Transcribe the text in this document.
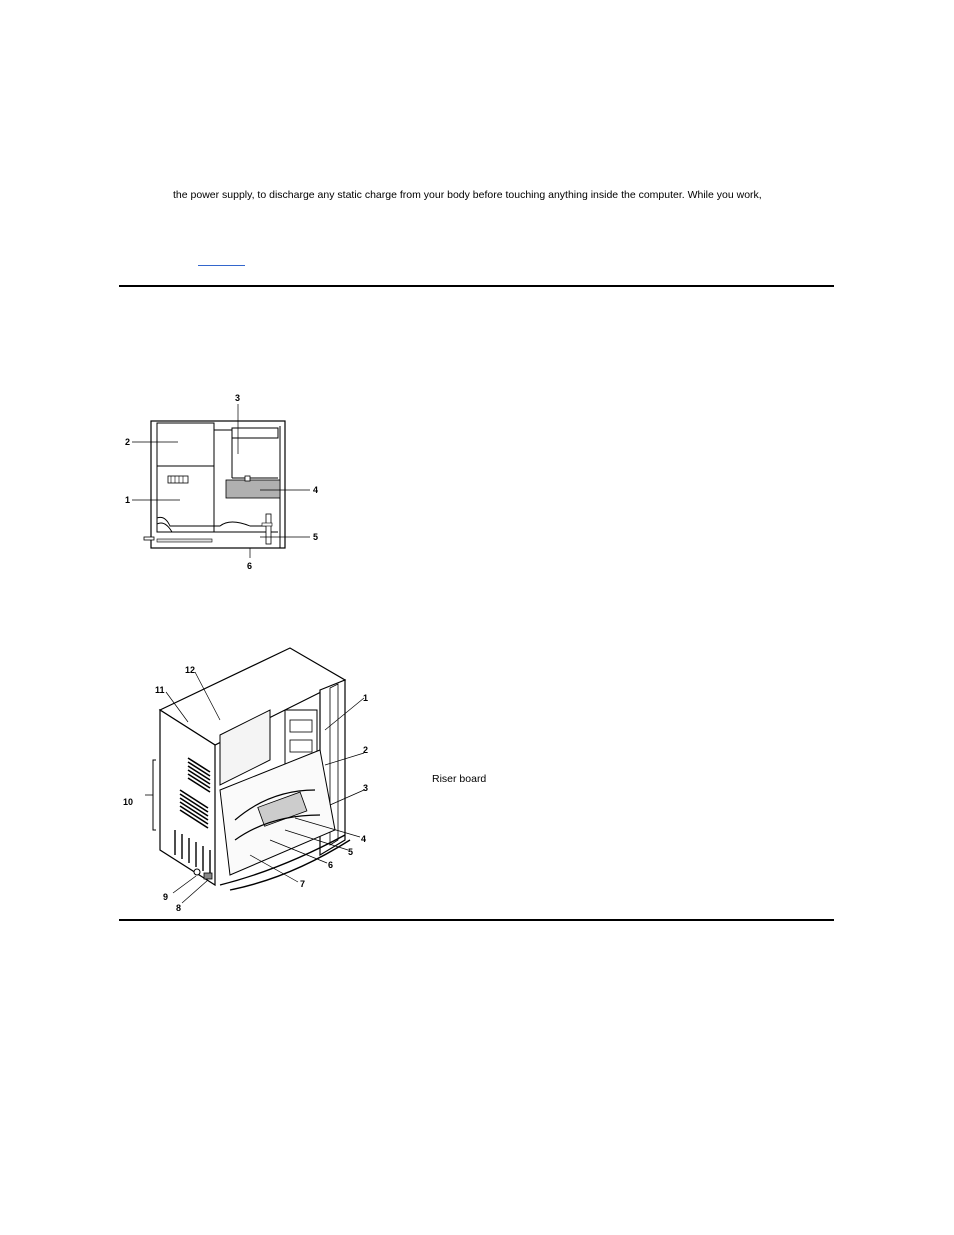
the power supply, to discharge any static charge from your body before touching anything inside the computer. While you work,
1
2
3
4
5
6
1
2
3
4
5
6
7
8
9
10
11
12
Riser board
